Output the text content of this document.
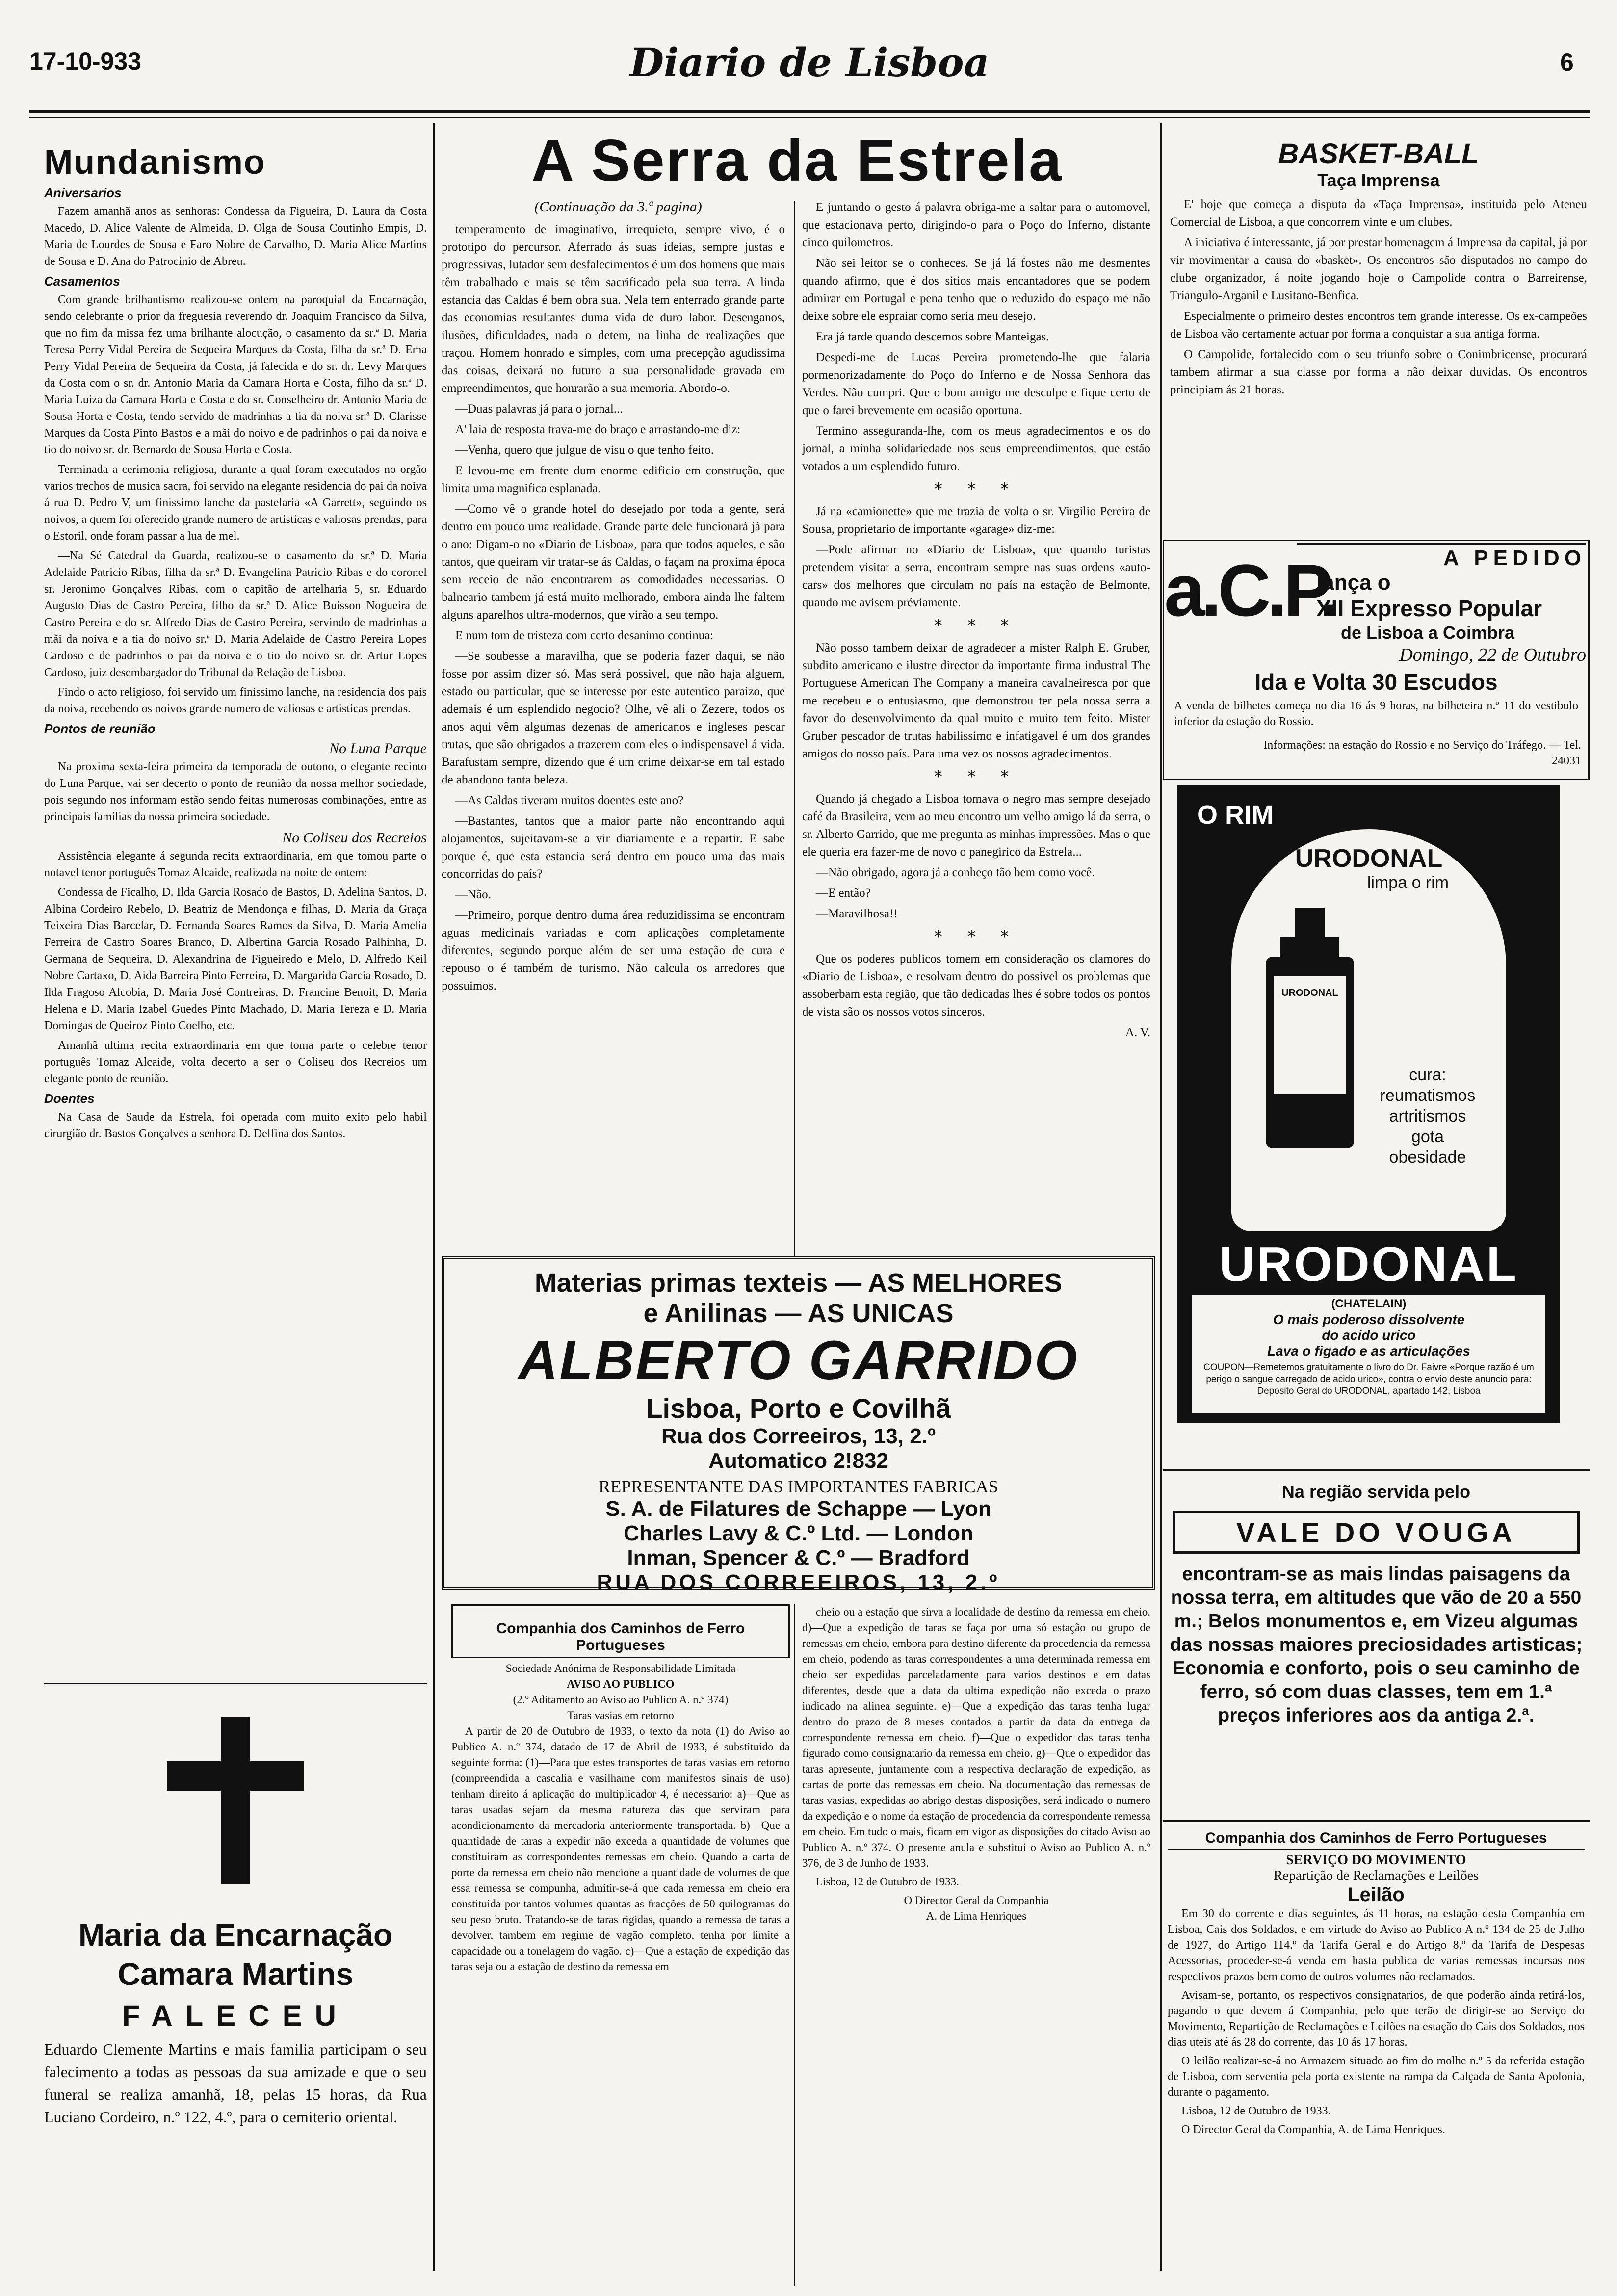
17-10-933	Diario de Lisboa	6
Mundanismo
Aniversarios

Fazem amanhã anos as senhoras: Condessa da Figueira, D. Laura da Costa Macedo, D. Alice Valente de Almeida, D. Olga de Sousa Coutinho Empis, D. Maria de Lourdes de Sousa e Faro Nobre de Carvalho, D. Maria Alice Martins de Sousa e D. Ana do Patrocinio de Abreu.

Casamentos

Com grande brilhantismo realizou-se ontem na paroquial da Encarnação, sendo celebrante o prior da freguesia reverendo dr. Joaquim Francisco da Silva, que no fim da missa fez uma brilhante alocução, o casamento da sr.ª D. Maria Teresa Perry Vidal Pereira de Sequeira Marques da Costa, filha da sr.ª D. Ema Perry Vidal Pereira de Sequeira da Costa, já falecida e do sr. dr. Levy Marques da Costa com o sr. dr. Antonio Maria da Camara Horta e Costa, filho da sr.ª D. Maria Luiza da Camara Horta e Costa e do sr. Conselheiro dr. Antonio Maria de Sousa Horta e Costa, tendo servido de madrinhas a tia da noiva sr.ª D. Clarisse Marques da Costa Pinto Bastos e a mãi do noivo e de padrinhos o pai da noiva e tio do noivo sr. dr. Bernardo de Sousa Horta e Costa.

Terminada a cerimonia religiosa, durante a qual foram executados no orgão varios trechos de musica sacra, foi servido na elegante residencia do pai da noiva á rua D. Pedro V, um finissimo lanche da pastelaria «A Garrett», seguindo os noivos, a quem foi oferecido grande numero de artisticas e valiosas prendas, para o Estoril, onde foram passar a lua de mel.

—Na Sé Catedral da Guarda, realizou-se o casamento da sr.ª D. Maria Adelaide Patricio Ribas, filha da sr.ª D. Evangelina Patricio Ribas e do coronel sr. Jeronimo Gonçalves Ribas, com o capitão de artelharia 5, sr. Eduardo Augusto Dias de Castro Pereira, filho da sr.ª D. Alice Buisson Nogueira de Castro Pereira e do sr. Alfredo Dias de Castro Pereira, servindo de madrinhas a mãi da noiva e a tia do noivo sr.ª D. Maria Adelaide de Castro Pereira Lopes Cardoso e de padrinhos o pai da noiva e o tio do noivo sr. dr. Artur Lopes Cardoso, juiz desembargador do Tribunal da Relação de Lisboa.

Findo o acto religioso, foi servido um finissimo lanche, na residencia dos pais da noiva, recebendo os noivos grande numero de valiosas e artisticas prendas.

Pontos de reunião
No Luna Parque

Na proxima sexta-feira primeira da temporada de outono, o elegante recinto do Luna Parque, vai ser decerto o ponto de reunião da nossa melhor sociedade, pois segundo nos informam estão sendo feitas numerosas combinações, entre as principais familias da nossa primeira sociedade.

No Coliseu dos Recreios

Assistência elegante á segunda recita extraordinaria, em que tomou parte o notavel tenor português Tomaz Alcaide, realizada na noite de ontem:

Condessa de Ficalho, D. Ilda Garcia Rosado de Bastos, D. Adelina Santos, D. Albina Cordeiro Rebelo, D. Beatriz de Mendonça e filhas, D. Maria da Graça Teixeira Dias Barcelar, D. Fernanda Soares Ramos da Silva, D. Maria Amelia Ferreira de Castro Soares Branco, D. Albertina Garcia Rosado Palhinha, D. Germana de Sequeira, D. Alexandrina de Figueiredo e Melo, D. Alfredo Keil Nobre Cartaxo, D. Aida Barreira Pinto Ferreira, D. Margarida Garcia Rosado, D. Ilda Fragoso Alcobia, D. Maria José Contreiras, D. Francine Benoit, D. Maria Helena e D. Maria Izabel Guedes Pinto Machado, D. Maria Tereza e D. Maria Domingas de Queiroz Pinto Coelho, etc.

Amanhã ultima recita extraordinaria em que toma parte o celebre tenor português Tomaz Alcaide, volta decerto a ser o Coliseu dos Recreios um elegante ponto de reunião.

Doentes

Na Casa de Saude da Estrela, foi operada com muito exito pelo habil cirurgião dr. Bastos Gonçalves a senhora D. Delfina dos Santos.

Maria da Encarnação
Camara Martins
FALECEU
Eduardo Clemente Martins e mais familia participam o seu falecimento a todas as pessoas da sua amizade e que o seu funeral se realiza amanhã, 18, pelas 15 horas, da Rua Luciano Cordeiro, n.º 122, 4.º, para o cemiterio oriental.
A Serra da Estrela
(Continuação da 3.ª pagina)

temperamento de imaginativo, irrequieto, sempre vivo, é o prototipo do percursor. Aferrado ás suas ideias, sempre justas e progressivas, lutador sem desfalecimentos é um dos homens que mais têm trabalhado e mais se têm sacrificado pela sua terra. A linda estancia das Caldas é bem obra sua. Nela tem enterrado grande parte das economias resultantes duma vida de duro labor. Desenganos, ilusões, dificuldades, nada o detem, na linha de realizações que traçou. Homem honrado e simples, com uma precepção agudissima das coisas, deixará no futuro a sua personalidade gravada em empreendimentos, que honrarão a sua memoria. Abordo-o.

—Duas palavras já para o jornal...

A' laia de resposta trava-me do braço e arrastando-me diz:

—Venha, quero que julgue de visu o que tenho feito.

E levou-me em frente dum enorme edificio em construção, que limita uma magnifica esplanada.

—Como vê o grande hotel do desejado por toda a gente, será dentro em pouco uma realidade. Grande parte dele funcionará já para o ano: Digam-o no «Diario de Lisboa», para que todos aqueles, e são tantos, que queiram vir tratar-se ás Caldas, o façam na proxima época sem receio de não encontrarem as comodidades necessarias. O balneario tambem já está muito melhorado, embora ainda lhe faltem alguns aparelhos ultra-modernos, que virão a seu tempo.

E num tom de tristeza com certo desanimo continua:

—Se soubesse a maravilha, que se poderia fazer daqui, se não fosse por assim dizer só. Mas será possivel, que não haja alguem, estado ou particular, que se interesse por este autentico paraizo, que ademais é um esplendido negocio? Olhe, vê ali o Zezere, todos os anos aqui vêm algumas dezenas de americanos e ingleses pescar trutas, que são obrigados a trazerem com eles o indispensavel á vida. Barafustam sempre, dizendo que é um crime deixar-se em tal estado de abandono tanta beleza.

—As Caldas tiveram muitos doentes este ano?

—Bastantes, tantos que a maior parte não encontrando aqui alojamentos, sujeitavam-se a vir diariamente e a repartir. E sabe porque é, que esta estancia será dentro em pouco uma das mais concorridas do país?

—Não.

—Primeiro, porque dentro duma área reduzidissima se encontram aguas medicinais variadas e com aplicações completamente diferentes, segundo porque além de ser uma estação de cura e repouso o é também de turismo. Não calcula os arredores que possuimos.

E juntando o gesto á palavra obriga-me a saltar para o automovel, que estacionava perto, dirigindo-o para o Poço do Inferno, distante cinco quilometros.

Não sei leitor se o conheces. Se já lá fostes não me desmentes quando afirmo, que é dos sitios mais encantadores que se podem admirar em Portugal e pena tenho que o reduzido do espaço me não deixe sobre ele espraiar como seria meu desejo.

Era já tarde quando descemos sobre Manteigas.

Despedi-me de Lucas Pereira prometendo-lhe que falaria pormenorizadamente do Poço do Inferno e de Nossa Senhora das Verdes. Não cumpri. Que o bom amigo me desculpe e fique certo de que o farei brevemente em ocasião oportuna.

Termino asseguranda-lhe, com os meus agradecimentos e os do jornal, a minha solidariedade nos seus empreendimentos, que estão votados a um esplendido futuro.

* * *

Já na «camionette» que me trazia de volta o sr. Virgilio Pereira de Sousa, proprietario de importante «garage» diz-me:

—Pode afirmar no «Diario de Lisboa», que quando turistas pretendem visitar a serra, encontram sempre nas suas ordens «auto-cars» dos melhores que circulam no país na estação de Belmonte, quando me avisem préviamente.

* * *

Não posso tambem deixar de agradecer a mister Ralph E. Gruber, subdito americano e ilustre director da importante firma industral The Portuguese American The Company a maneira cavalheiresca por que me recebeu e o entusiasmo, que demonstrou ter pela nossa serra a favor do desenvolvimento da qual muito e muito tem feito. Mister Gruber pescador de trutas habilissimo e infatigavel é um dos grandes amigos do nosso país. Para uma vez os nossos agradecimentos.

* * *

Quando já chegado a Lisboa tomava o negro mas sempre desejado café da Brasileira, vem ao meu encontro um velho amigo lá da serra, o sr. Alberto Garrido, que me pregunta as minhas impressões. Mas o que ele queria era fazer-me de novo o panegirico da Estrela...

—Não obrigado, agora já a conheço tão bem como você.

—E então?

—Maravilhosa!!

* * *

Que os poderes publicos tomem em consideração os clamores do «Diario de Lisboa», e resolvam dentro do possivel os problemas que assoberbam esta região, que tão dedicadas lhes é sobre todos os pontos de vista são os nossos votos sinceros.

A. V.
Materias primas texteis — AS MELHORES
e Anilinas — AS UNICAS
ALBERTO GARRIDO
Lisboa, Porto e Covilhã
Rua dos Correeiros, 13, 2.º
Automatico 2!832
REPRESENTANTE DAS IMPORTANTES FABRICAS
S. A. de Filatures de Schappe — Lyon
Charles Lavy & C.º Ltd. — London
Inman, Spencer & C.º — Bradford
RUA DOS CORREEIROS, 13, 2.º
Companhia dos Caminhos de Ferro Portugueses
Sociedade Anónima de Responsabilidade Limitada
AVISO AO PUBLICO
(2.º Aditamento ao Aviso ao Publico A. n.º 374)
Taras vasias em retorno

A partir de 20 de Outubro de 1933, o texto da nota (1) do Aviso ao Publico A. n.º 374, datado de 17 de Abril de 1933, é substituido da seguinte forma: (1)—Para que estes transportes de taras vasias em retorno (compreendida a cascalia e vasilhame com manifestos sinais de uso) tenham direito á aplicação do multiplicador 4, é necessario: a)—Que as taras usadas sejam da mesma natureza das que serviram para acondicionamento da mercadoria anteriormente transportada. b)—Que a quantidade de taras a expedir não exceda a quantidade de volumes que constituiram as correspondentes remessas em cheio. Quando a carta de porte da remessa em cheio não mencione a quantidade de volumes de que essa remessa se compunha, admitir-se-á que cada remessa em cheio era constituida por tantos volumes quantas as fracções de 50 quilogramas do seu peso bruto. Tratando-se de taras rigidas, quando a remessa de taras a devolver, tambem em regime de vagão completo, tenha por limite a capacidade ou a tonelagem do vagão. c)—Que a estação de expedição das taras seja ou a estação de destino da remessa em

cheio ou a estação que sirva a localidade de destino da remessa em cheio. d)—Que a expedição de taras se faça por uma só estação ou grupo de remessas em cheio, embora para destino diferente da procedencia da remessa em cheio, podendo as taras correspondentes a uma determinada remessa em cheio ser expedidas parceladamente para varios destinos e em datas diferentes, desde que a data da ultima expedição não exceda o prazo indicado na alinea seguinte. e)—Que a expedição das taras tenha lugar dentro do prazo de 8 meses contados a partir da data da entrega da correspondente remessa em cheio. f)—Que o expedidor das taras tenha figurado como consignatario da remessa em cheio. g)—Que o expedidor das taras apresente, juntamente com a respectiva declaração de expedição, as cartas de porte das remessas em cheio. Na documentação das remessas de taras vasias, expedidas ao abrigo destas disposições, será indicado o numero da expedição e o nome da estação de procedencia da correspondente remessa em cheio. Em tudo o mais, ficam em vigor as disposições do citado Aviso ao Publico A. n.º 374. O presente anula e substitui o Aviso ao Publico A. n.º 376, de 3 de Junho de 1933.

Lisboa, 12 de Outubro de 1933.

O Director Geral da Companhia
A. de Lima Henriques
BASKET-BALL
Taça Imprensa

E' hoje que começa a disputa da «Taça Imprensa», instituida pelo Ateneu Comercial de Lisboa, a que concorrem vinte e um clubes.

A iniciativa é interessante, já por prestar homenagem á Imprensa da capital, já por vir movimentar a causa do «basket». Os encontros são disputados no campo do clube organizador, á noite jogando hoje o Campolide contra o Barreirense, Triangulo-Arganil e Lusitano-Benfica.

Especialmente o primeiro destes encontros tem grande interesse. Os ex-campeões de Lisboa vão certamente actuar por forma a conquistar a sua antiga forma.

O Campolide, fortalecido com o seu triunfo sobre o Conimbricense, procurará tambem afirmar a sua classe por forma a não deixar duvidas. Os encontros principiam ás 21 horas.

a.C.P.	A PEDIDO
lança o
XII Expresso Popular
de Lisboa a Coimbra
Domingo, 22 de Outubro
Ida e Volta 30 Escudos
A venda de bilhetes começa no dia 16 ás 9 horas, na bilheteira n.º 11 do vestibulo inferior da estação do Rossio.
Informações: na estação do Rossio e no Serviço do Tráfego. — Tel. 24031
O RIM
URODONAL
limpa o rim
URODONAL
cura:
reumatismos
artritismos
gota
obesidade
URODONAL
(CHATELAIN)
O mais poderoso dissolvente
do acido urico
Lava o figado e as articulações
COUPON—Remetemos gratuitamente o livro do Dr. Faivre «Porque razão é um perigo o sangue carregado de acido urico», contra o envio deste anuncio para: Deposito Geral do URODONAL, apartado 142, Lisboa
Na região servida pelo
VALE DO VOUGA
encontram-se as mais lindas paisagens da nossa terra, em altitudes que vão de 20 a 550 m.; Belos monumentos e, em Vizeu algumas das nossas maiores preciosidades artisticas; Economia e conforto, pois o seu caminho de ferro, só com duas classes, tem em 1.ª preços inferiores aos da antiga 2.ª.
Companhia dos Caminhos de Ferro Portugueses
SERVIÇO DO MOVIMENTO
Repartição de Reclamações e Leilões
Leilão

Em 30 do corrente e dias seguintes, ás 11 horas, na estação desta Companhia em Lisboa, Cais dos Soldados, e em virtude do Aviso ao Publico A n.º 134 de 25 de Julho de 1927, do Artigo 114.º da Tarifa Geral e do Artigo 8.º da Tarifa de Despesas Acessorias, proceder-se-á venda em hasta publica de varias remessas incursas nos respectivos prazos bem como de outros volumes não reclamados.

Avisam-se, portanto, os respectivos consignatarios, de que poderão ainda retirá-los, pagando o que devem á Companhia, pelo que terão de dirigir-se ao Serviço do Movimento, Repartição de Reclamações e Leilões na estação do Cais dos Soldados, nos dias uteis até ás 28 do corrente, das 10 ás 17 horas.

O leilão realizar-se-á no Armazem situado ao fim do molhe n.º 5 da referida estação de Lisboa, com serventia pela porta existente na rampa da Calçada de Santa Apolonia, durante o pagamento.

Lisboa, 12 de Outubro de 1933.

O Director Geral da Companhia, A. de Lima Henriques.
